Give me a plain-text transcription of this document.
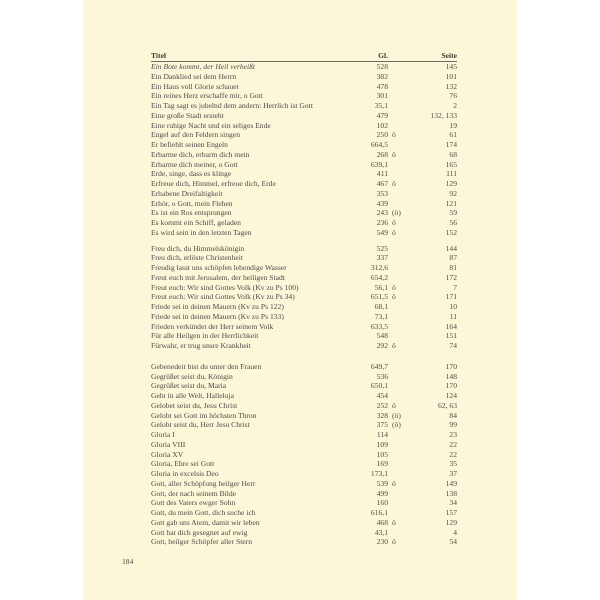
Titel	Gl.	Seite
Ein Bote kommt, der Heil verheißt	528	145
Ein Danklied sei dem Herrn	382	101
Ein Haus voll Glorie schauet	478	132
Ein reines Herz erschaffe mir, o Gott	301	76
Ein Tag sagt es jubelnd dem andern: Herrlich ist Gott	35,1	2
Eine große Stadt ersteht	479	132, 133
Eine ruhige Nacht und ein seliges Ende	102	19
Engel auf den Feldern singen	250 ö	61
Er befiehlt seinen Engeln	664,5	174
Erbarme dich, erbarm dich mein	268 ö	68
Erbarme dich meiner, o Gott	639,1	165
Erde, singe, dass es klinge	411	111
Erfreue dich, Himmel, erfreue dich, Erde	467 ö	129
Erhabene Dreifaltigkeit	353	92
Erhör, o Gott, mein Flehen	439	121
Es ist ein Ros entsprungen	243 (ö)	59
Es kommt ein Schiff, geladen	236 ö	56
Es wird sein in den letzten Tagen	549 ö	152
Freu dich, du Himmelskönigin	525	144
Freu dich, erlöste Christenheit	337	87
Freudig lasst uns schöpfen lebendige Wasser	312,6	81
Freut euch mit Jerusalem, der heiligen Stadt	654,2	172
Freut euch: Wir sind Gottes Volk (Kv zu Ps 100)	56,1 ö	7
Freut euch: Wir sind Gottes Volk (Kv zu Ps 34)	651,5 ö	171
Friede sei in deinen Mauern (Kv zu Ps 122)	68,1	10
Friede sei in deinen Mauern (Kv zu Ps 133)	73,1	11
Frieden verkündet der Herr seinem Volk	633,5	164
Für alle Heilgen in der Herrlichkeit	548	151
Fürwahr, er trug unsre Krankheit	292 ö	74
Gebenedeit bist du unter den Frauen	649,7	170
Gegrüßet seist du, Königin	536	148
Gegrüßet seist du, Maria	650,1	170
Geht in alle Welt, Halleluja	454	124
Gelobet seist du, Jesu Christ	252 ö	62, 63
Gelobt sei Gott im höchsten Thron	328 (ö)	84
Gelobt seist du, Herr Jesu Christ	375 (ö)	99
Gloria I	114	23
Gloria VIII	109	22
Gloria XV	105	22
Gloria, Ehre sei Gott	169	35
Gloria in excelsis Deo	173,1	37
Gott, aller Schöpfung heilger Herr	539 ö	149
Gott, der nach seinem Bilde	499	138
Gott des Vaters ewger Sohn	160	34
Gott, du mein Gott, dich suche ich	616,1	157
Gott gab uns Atem, damit wir leben	468 ö	129
Gott hat dich gesegnet auf ewig	43,1	4
Gott, heilger Schöpfer aller Stern	230 ö	54
184
